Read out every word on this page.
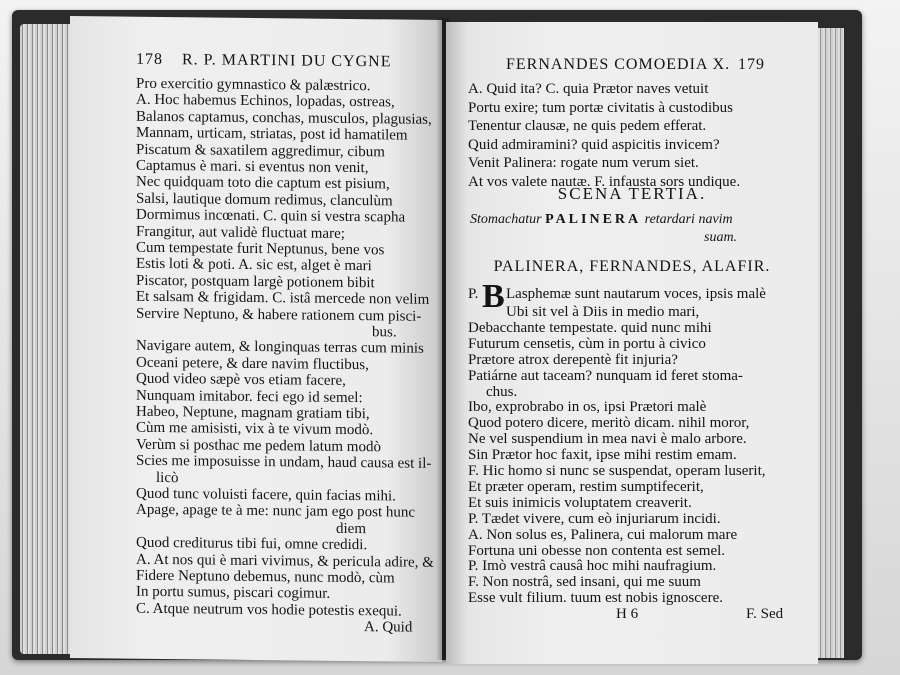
178 R. P. MARTINI DU CYGNE
Pro exercitio gymnastico & palæstrico.
A. Hoc habemus Echinos, lopadas, ostreas,
Balanos captamus, conchas, musculos, plagusias,
Mannam, urticam, striatas, post id hamatilem
Piscatum & saxatilem aggredimur, cibum
Captamus è mari. si eventus non venit,
Nec quidquam toto die captum est pisium,
Salsi, lautique domum redimus, clanculùm
Dormimus incœnati. C. quin si vestra scapha
Frangitur, aut validè fluctuat mare;
Cum tempestate furit Neptunus, bene vos
Estis loti & poti. A. sic est, alget è mari
Piscator, postquam largè potionem bibit
Et salsam & frigidam. C. istâ mercede non velim
Servire Neptuno, & habere rationem cum pisci-
bus.
Navigare autem, & longinquas terras cum minis
Oceani petere, & dare navim fluctibus,
Quod video sæpè vos etiam facere,
Nunquam imitabor. feci ego id semel:
Habeo, Neptune, magnam gratiam tibi,
Cùm me amisisti, vix à te vivum modò.
Verùm si posthac me pedem latum modò
Scies me imposuisse in undam, haud causa est il-
licò
Quod tunc voluisti facere, quin facias mihi.
Apage, apage te à me: nunc jam ego post hunc
diem
Quod crediturus tibi fui, omne credidi.
A. At nos qui è mari vivimus, & pericula adire, &
Fidere Neptuno debemus, nunc modò, cùm
In portu sumus, piscari cogimur.
C. Atque neutrum vos hodie potestis exequi.
A. Quid
FERNANDES COMOEDIA X. 179
A. Quid ita? C. quia Prætor naves vetuit
Portu exire; tum portæ civitatis à custodibus
Tenentur clausæ, ne quis pedem efferat.
Quid admiramini? quid aspicitis invicem?
Venit Palinera: rogate num verum siet.
At vos valete nautæ. F. infausta sors undique.
SCENA TERTIA.
Stomachatur PALINERA retardari navim
suam.
PALINERA, FERNANDES, ALAFIR.
P. B Lasphemæ sunt nautarum voces, ipsis malè
Ubi sit vel à Diis in medio mari,
Debacchante tempestate. quid nunc mihi
Futurum censetis, cùm in portu à civico
Prætore atrox derepentè fit injuria?
Patiárne aut taceam? nunquam id feret stoma-
chus.
Ibo, exprobrabo in os, ipsi Prætori malè
Quod potero dicere, meritò dicam. nihil moror,
Ne vel suspendium in mea navi è malo arbore.
Sin Prætor hoc faxit, ipse mihi restim emam.
F. Hic homo si nunc se suspendat, operam luserit,
Et præter operam, restim sumptifecerit,
Et suis inimicis voluptatem creaverit.
P. Tædet vivere, cum eò injuriarum incidi.
A. Non solus es, Palinera, cui malorum mare
Fortuna uni obesse non contenta est semel.
P. Imò vestrâ causâ hoc mihi naufragium.
F. Non nostrâ, sed insani, qui me suum
Esse vult filium. tuum est nobis ignoscere.
H 6	F. Sed
